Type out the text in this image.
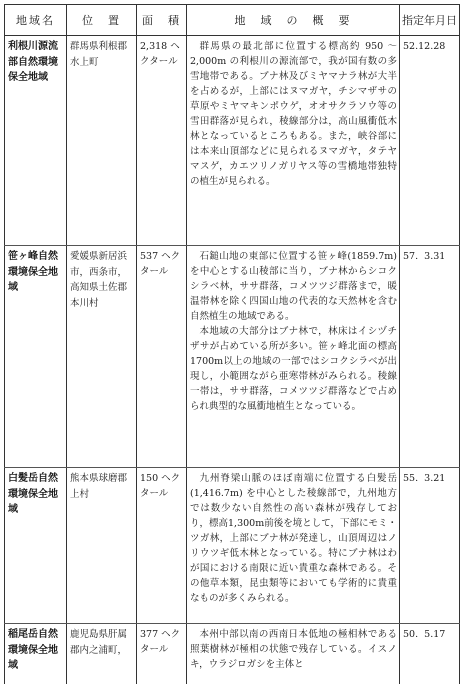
地域名	位　置	面　積	地　域　の　概　要	指定年月日
利根川源流部自然環境保全地域	群馬県利根郡水上町	2,318 ヘクタール	群馬県の最北部に位置する標高約 950 〜2,000m の利根川の源流部で，我が国有数の多雪地帯である。ブナ林及びミヤマナラ林が大半を占めるが，上部にはヌマガヤ，チシマザサの草原やミヤマキンポウゲ，オオサクラソウ等の雪田群落が見られ，稜線部分は，高山風衝低木林となっているところもある。また，峡谷部には本来山頂部などに見られるヌマガヤ，タテヤマスゲ，カエツリノガリヤス等の雪橋地帯独特の植生が見られる。	52.12.28
笹ヶ峰自然環境保全地域	愛媛県新居浜市，西条市，高知県土佐郡本川村	537 ヘクタール	石鎚山地の東部に位置する笹ヶ峰(1859.7m)を中心とする山稜部に当り，ブナ林からシコクシラベ林，ササ群落，コメツツジ群落まで，暖温帯林を除く四国山地の代表的な天然林を含む自然植生の地域である。
本地域の大部分はブナ林で，林床はイシヅチザサが占めている所が多い。笹ヶ峰北面の標高1700m以上の地域の一部ではシコクシラベが出現し，小範囲ながら亜寒帯林がみられる。稜線一帯は，ササ群落，コメツツジ群落などで占められ典型的な風衝地植生となっている。	57.  3.31
白髪岳自然環境保全地域	熊本県球磨郡上村	150 ヘクタール	九州脊梁山脈のほぼ南端に位置する白髪岳 (1,416.7m) を中心とした稜線部で，九州地方では数少ない自然性の高い森林が残存しており，標高1,300m前後を境として，下部にモミ・ツガ林，上部にブナ林が発達し，山頂周辺はノリウツギ低木林となっている。特にブナ林はわが国における南限に近い貴重な森林である。その他草本類，昆虫類等においても学術的に貴重なものが多くみられる。	55.  3.21
稲尾岳自然環境保全地域	鹿児島県肝属郡内之浦町，	377 ヘクタール	本州中部以南の西南日本低地の極相林である照葉樹林が極相の状態で残存している。イスノキ，ウラジロガシを主体と	50.  5.17
